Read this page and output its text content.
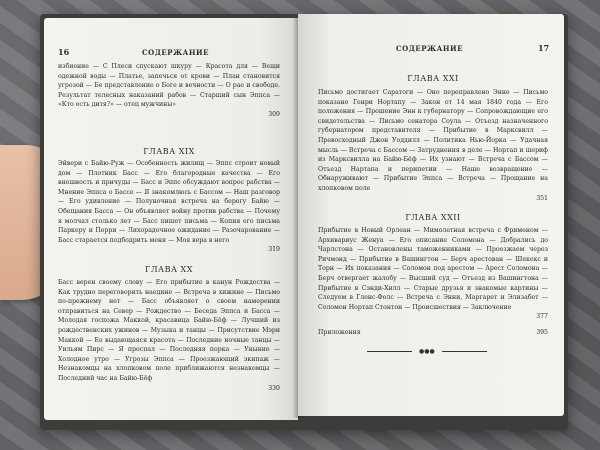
16	СОДЕРЖАНИЕ
избиение — С Плеси спускают шкуру — Красота для — Вещи одежной воды — Платье, запечься от крови — План становится угрозой — Бе представление о Боге и вечности — О рае и свободе. Результат телесных наказаний рабов — Старший сын Эппса — «Кто есть дитя?» — отец мужчины»
309
ГЛАВА XIX
Эйвери с Байю-Руж — Особенность жилищ — Эппс строит новый дом — Плотник Басс — Его благородные качества — Его внешность и причуды — Басс и Эппс обсуждают вопрос рабства — Мнение Эппса о Бассе — Я знакомлюсь с Бассом — Наш разговор — Его удивление — Полуночная встреча на берегу Байю — Обещания Басса — Он объявляет войну против рабства — Почему я молчал столько лет — Басс пишет письма — Копия его письма Паркеру и Перри — Лихорадочное ожидание — Разочарование — Басс старается подбодрить меня — Моя вера в него
319
ГЛАВА XX
Басс верен своему слову — Его прибытие в канун Рождества — Как трудно переговорить наедине — Встреча в хижине — Письмо по-прежнему нет — Басс объявляет о своем намерении отправиться на Север — Рождество — Беседа Эппса и Басса — Молодая госпожа Маккой, красавица Байю-Бёф — Лучший из рождественских ужинов — Музыка и танцы — Присутствие Мэри Маккой — Ее выдающаяся красота — Последние ночные танцы — Уильям Пирс — Я проспал — Последняя порка — Уныние — Холодное утро — Угрозы Эппса — Проезжающий экипаж — Незнакомцы на хлопковом поле приближаются незнакомцы — Последний час на Байю-Бёф
330
СОДЕРЖАНИЕ	17
ГЛАВА XXI
Письмо достигает Саратоги — Оно переправлено Энне — Письмо показано Генри Нортапу — Закон от 14 мая 1840 года — Его положения — Прошение Энн к губернатору — Сопровождающие его свидетельства — Письмо сенатора Соула — Отъезд назначенного губернатором представителя — Прибытие в Марксвилл — Превосходный Джон Уоддилл — Политика Нью-Йорка — Удачная мысль — Встреча с Бассом — Затруднения в деле — Нортап и шериф из Марксвилла на Байю-Бёф — Их узнают — Встреча с Бассом — Отъезд Нартапа и перипетии — Наше возвращение — Обнаруживают — Прибытие Эппса — Встреча — Прощание на хлопковом поле
351
ГЛАВА XXII
Прибытие в Новый Орлеан — Мимолетная встреча с Фрименом — Архивариус Женуа — Его описание Соломона — Добрались до Чарлстона — Остановлены таможенниками — Проезжаем через Ричмонд — Прибытие в Вашингтон — Берч арестован — Шекекс и Торн — Их показания — Соломон под арестом — Арест Соломона — Берч отвергает жалобу — Высший суд — Отъезд из Вашингтона — Прибытие в Сэнди-Хилл — Старые друзья и знакомые картины — Следуем в Гленс-Фолс — Встреча с Энни, Маргарет и Элизабет — Соломон Нортап Стонтон — Происшествия — Заключение
377
Приложения	395
●●●
